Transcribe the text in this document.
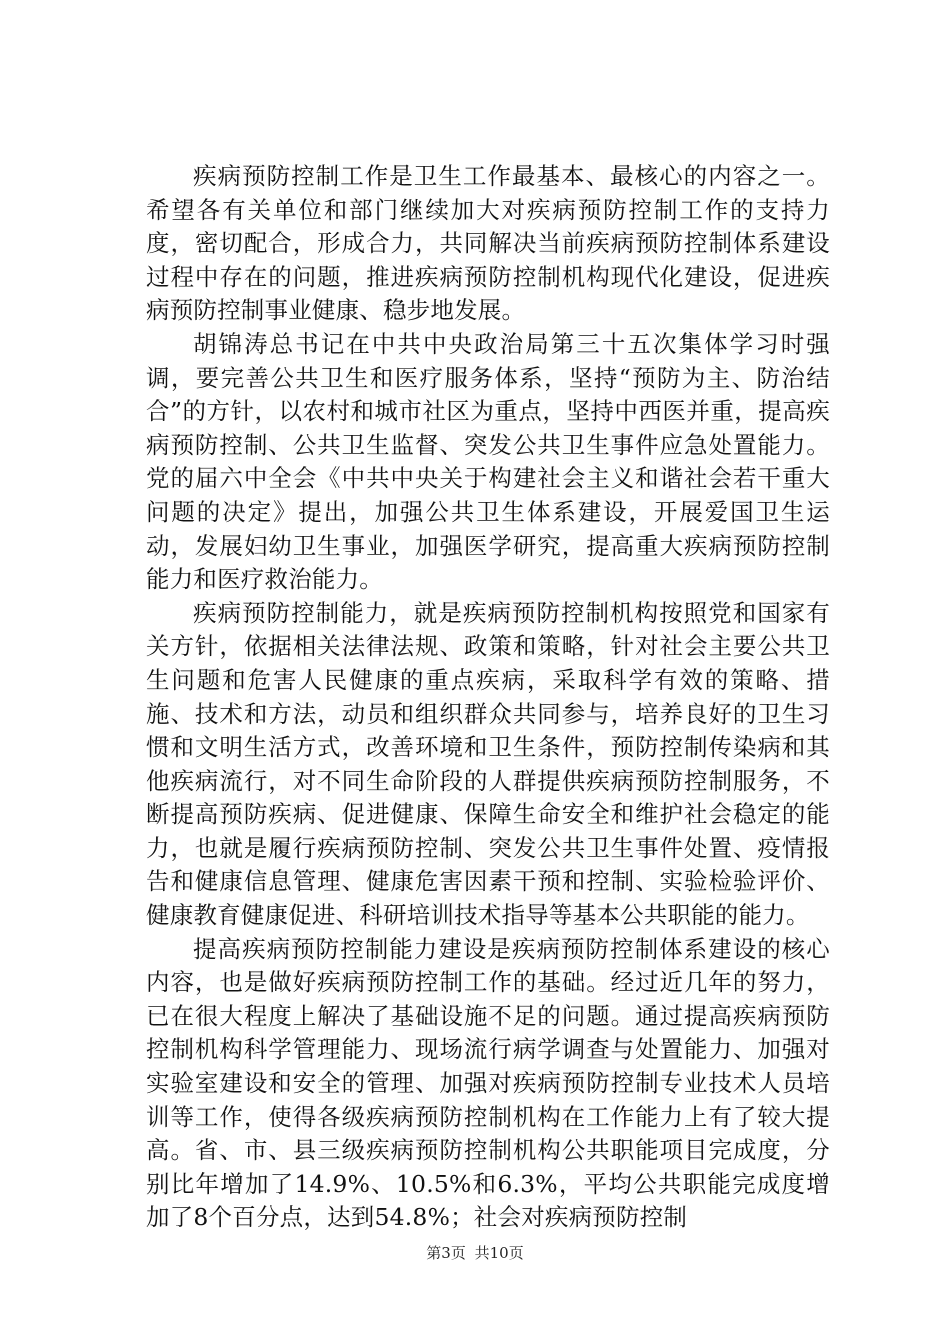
疾病预防控制工作是卫生工作最基本、最核心的内容之一。希望各有关单位和部门继续加大对疾病预防控制工作的支持力度，密切配合，形成合力，共同解决当前疾病预防控制体系建设过程中存在的问题，推进疾病预防控制机构现代化建设，促进疾病预防控制事业健康、稳步地发展。

胡锦涛总书记在中共中央政治局第三十五次集体学习时强调，要完善公共卫生和医疗服务体系，坚持“预防为主、防治结合”的方针，以农村和城市社区为重点，坚持中西医并重，提高疾病预防控制、公共卫生监督、突发公共卫生事件应急处置能力。党的届六中全会《中共中央关于构建社会主义和谐社会若干重大问题的决定》提出，加强公共卫生体系建设，开展爱国卫生运动，发展妇幼卫生事业，加强医学研究，提高重大疾病预防控制能力和医疗救治能力。

疾病预防控制能力，就是疾病预防控制机构按照党和国家有关方针，依据相关法律法规、政策和策略，针对社会主要公共卫生问题和危害人民健康的重点疾病，采取科学有效的策略、措施、技术和方法，动员和组织群众共同参与，培养良好的卫生习惯和文明生活方式，改善环境和卫生条件，预防控制传染病和其他疾病流行，对不同生命阶段的人群提供疾病预防控制服务，不断提高预防疾病、促进健康、保障生命安全和维护社会稳定的能力，也就是履行疾病预防控制、突发公共卫生事件处置、疫情报告和健康信息管理、健康危害因素干预和控制、实验检验评价、健康教育健康促进、科研培训技术指导等基本公共职能的能力。

提高疾病预防控制能力建设是疾病预防控制体系建设的核心内容，也是做好疾病预防控制工作的基础。经过近几年的努力，已在很大程度上解决了基础设施不足的问题。通过提高疾病预防控制机构科学管理能力、现场流行病学调查与处置能力、加强对实验室建设和安全的管理、加强对疾病预防控制专业技术人员培训等工作，使得各级疾病预防控制机构在工作能力上有了较大提高。省、市、县三级疾病预防控制机构公共职能项目完成度，分别比年增加了14.9%、10.5%和6.3%，平均公共职能完成度增加了8个百分点，达到54.8%；社会对疾病预防控制

第3页 共10页
